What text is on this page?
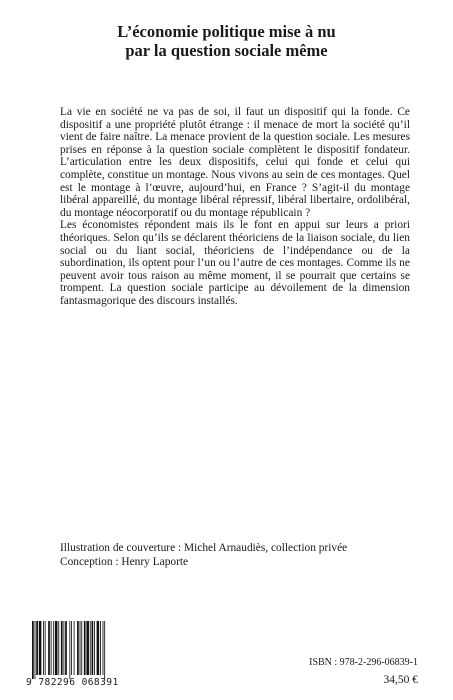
L’économie politique mise à nu
par la question sociale même

La vie en société ne va pas de soi, il faut un dispositif qui la fonde. Ce dispositif a une propriété plutôt étrange : il menace de mort la société qu’il vient de faire naître. La menace provient de la question sociale. Les mesures prises en réponse à la question sociale complètent le dispositif fondateur. L’articulation entre les deux dispositifs, celui qui fonde et celui qui complète, constitue un montage. Nous vivons au sein de ces montages. Quel est le montage à l’œuvre, aujourd’hui, en France ? S’agit-il du montage libéral appareillé, du montage libéral répressif, libéral libertaire, ordolibéral, du montage néocorporatif ou du montage républicain ?

Les économistes répondent mais ils le font en appui sur leurs a priori théoriques. Selon qu’ils se déclarent théoriciens de la liaison sociale, du lien social ou du liant social, théoriciens de l’indépendance ou de la subordination, ils optent pour l’un ou l’autre de ces montages. Comme ils ne peuvent avoir tous raison au même moment, il se pourrait que certains se trompent. La question sociale participe au dévoilement de la dimension fantasmagorique des discours installés.

Illustration de couverture : Michel Arnaudiès, collection privée
Conception : Henry Laporte
9 782296 068391
ISBN : 978-2-296-06839-1
34,50 €
